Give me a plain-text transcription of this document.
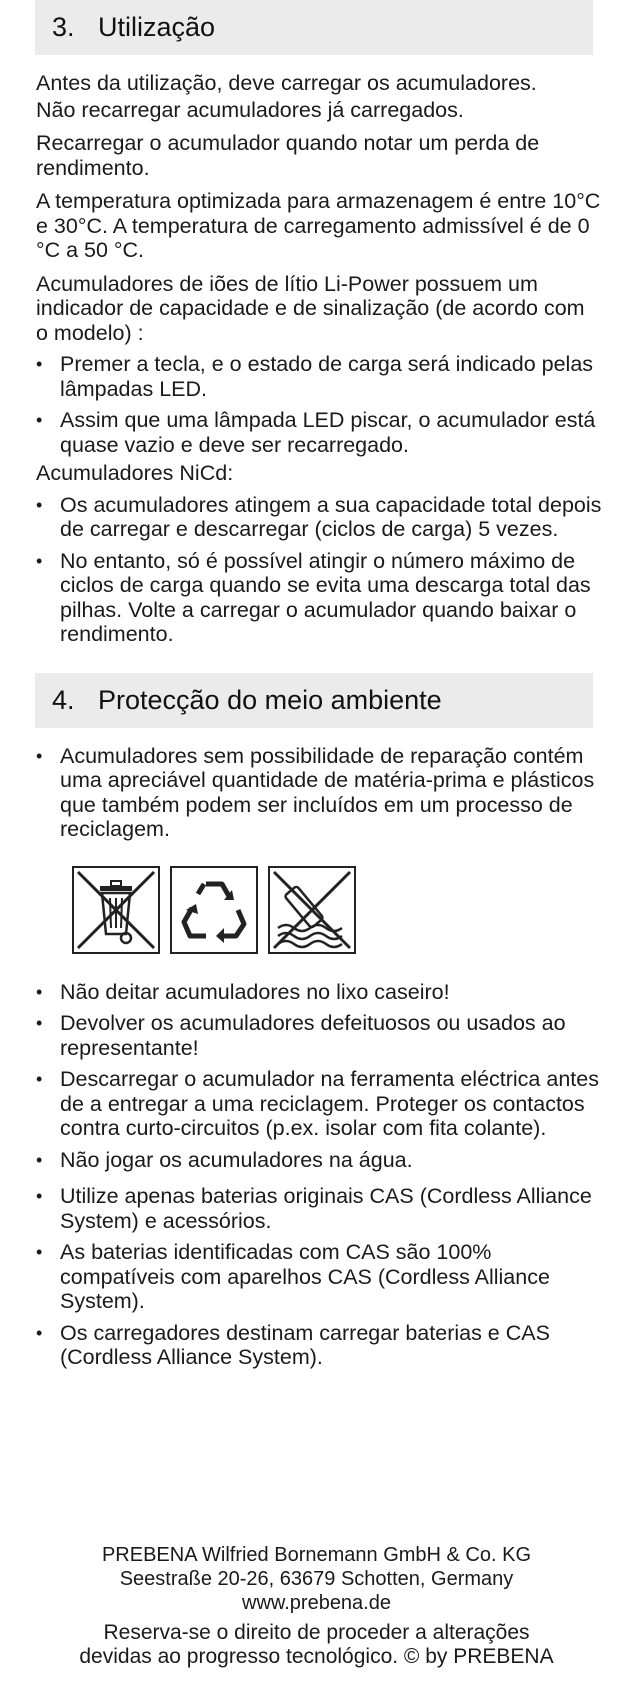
3. Utilização

Antes da utilização, deve carregar os acumuladores.

Não recarregar acumuladores já carregados.

Recarregar o acumulador quando notar um perda de rendimento.

A temperatura optimizada para armazenagem é entre 10°C e 30°C. A temperatura de carregamento admissível é de 0 °C a 50 °C.

Acumuladores de iões de lítio Li-Power possuem um indicador de capacidade e de sinalização (de acordo com o modelo) :

• Premer a tecla, e o estado de carga será indicado pelas lâmpadas LED.
• Assim que uma lâmpada LED piscar, o acumulador está quase vazio e deve ser recarregado.

Acumuladores NiCd:

• Os acumuladores atingem a sua capacidade total depois de carregar e descarregar (ciclos de carga) 5 vezes.
• No entanto, só é possível atingir o número máximo de ciclos de carga quando se evita uma descarga total das pilhas. Volte a carregar o acumulador quando baixar o rendimento.
4. Protecção do meio ambiente
• Acumuladores sem possibilidade de reparação contém uma apreciável quantidade de matéria-prima e plásticos que também podem ser incluídos em um processo de reciclagem.
• Não deitar acumuladores no lixo caseiro!
• Devolver os acumuladores defeituosos ou usados ao representante!
• Descarregar o acumulador na ferramenta eléctrica antes de a entregar a uma reciclagem. Proteger os contactos contra curto-circuitos (p.ex. isolar com fita colante).
• Não jogar os acumuladores na água.
• Utilize apenas baterias originais CAS (Cordless Alliance System) e acessórios.
• As baterias identificadas com CAS são 100% compatíveis com aparelhos CAS (Cordless Alliance System).
• Os carregadores destinam carregar baterias e CAS (Cordless Alliance System).
PREBENA Wilfried Bornemann GmbH & Co. KG
Seestraße 20-26, 63679 Schotten, Germany
www.prebena.de
Reserva-se o direito de proceder a alterações
devidas ao progresso tecnológico. © by PREBENA
